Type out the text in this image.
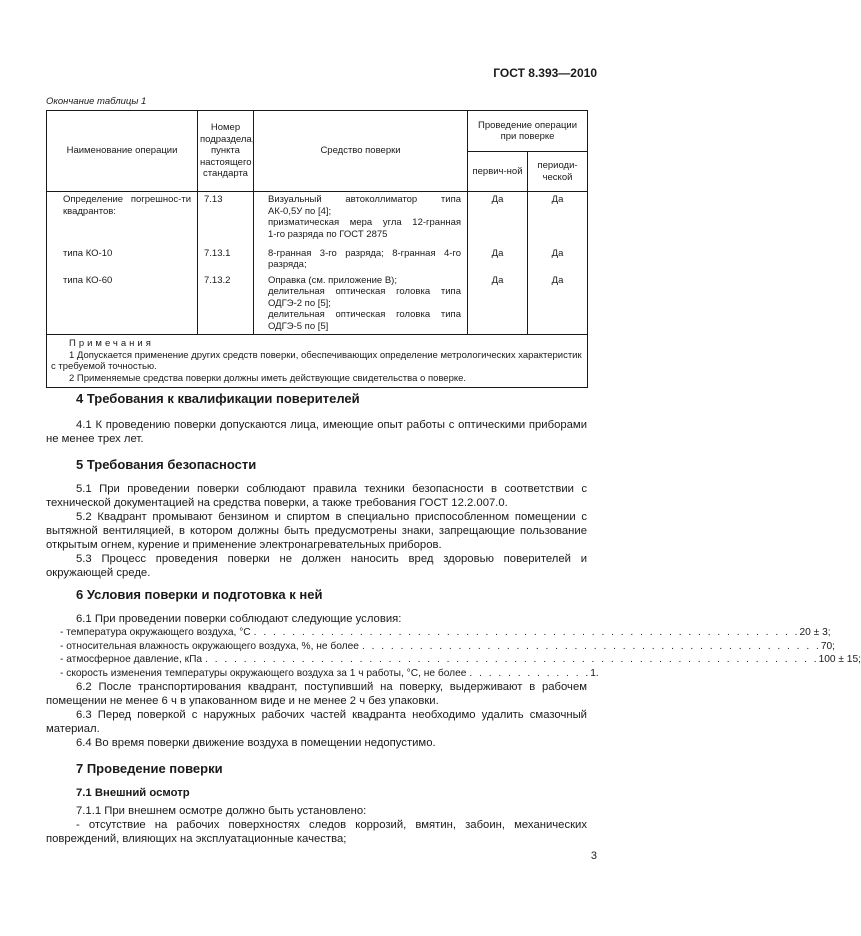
ГОСТ 8.393—2010
Окончание таблицы 1
Наименование операции	Номер подраздела, пункта настоящего стандарта	Средство поверки	Проведение операции при поверке	
			первич-ной	периоди-ческой
Определение погрешнос-ти квадрантов:	7.13	Визуальный автоколлиматор типа
АК-0,5У по [4];
призматическая мера угла 12-гранная
1-го разряда по ГОСТ 2875	Да	Да
типа КО-10	7.13.1	8-гранная 3-го разряда; 8-гранная 4-го
разряда;	Да	Да
типа КО-60	7.13.2	Оправка (см. приложение В);
делительная оптическая головка типа
ОДГЭ-2 по [5];
делительная оптическая головка типа
ОДГЭ-5 по [5]	Да	Да

Примечания

1 Допускается применение других средств поверки, обеспечивающих определение метрологических характеристик с требуемой точностью.

2 Применяемые средства поверки должны иметь действующие свидетельства о поверке.				

4 Требования к квалификации поверителей

4.1 К проведению поверки допускаются лица, имеющие опыт работы с оптическими приборами не менее трех лет.

5 Требования безопасности

5.1 При проведении поверки соблюдают правила техники безопасности в соответствии с технической документацией на средства поверки, а также требования ГОСТ 12.2.007.0.

5.2 Квадрант промывают бензином и спиртом в специально приспособленном помещении с вытяжной вентиляцией, в котором должны быть предусмотрены знаки, запрещающие пользование открытым огнем, курение и применение электронагревательных приборов.

5.3 Процесс проведения поверки не должен наносить вред здоровью поверителей и окружающей среде.

6 Условия поверки и подготовка к ней

6.1 При проведении поверки соблюдают следующие условия:

- температура окружающего воздуха, °С . . . . . . . . . . . . . . . . . . . . . . . . . . . . . . . . . . . . . . . . . . . . . . . . . . . . . . . . . 20 ± 3;
- относительная влажность окружающего воздуха, %, не более . . . . . . . . . . . . . . . . . . . . . . . . . . . . . . . . . . . . . . . . . . . . . . . . 70;
- атмосферное давление, кПа . . . . . . . . . . . . . . . . . . . . . . . . . . . . . . . . . . . . . . . . . . . . . . . . . . . . . . . . . . . . . . . . 100 ± 15;
- скорость изменения температуры окружающего воздуха за 1 ч работы, °С, не более . . . . . . . . . . . . . 1.

6.2 После транспортирования квадрант, поступивший на поверку, выдерживают в рабочем помещении не менее 6 ч в упакованном виде и не менее 2 ч без упаковки.

6.3 Перед поверкой с наружных рабочих частей квадранта необходимо удалить смазочный материал.

6.4 Во время поверки движение воздуха в помещении недопустимо.

7 Проведение поверки
7.1 Внешний осмотр

7.1.1 При внешнем осмотре должно быть установлено:

- отсутствие на рабочих поверхностях следов коррозий, вмятин, забоин, механических повреждений, влияющих на эксплуатационные качества;

3
